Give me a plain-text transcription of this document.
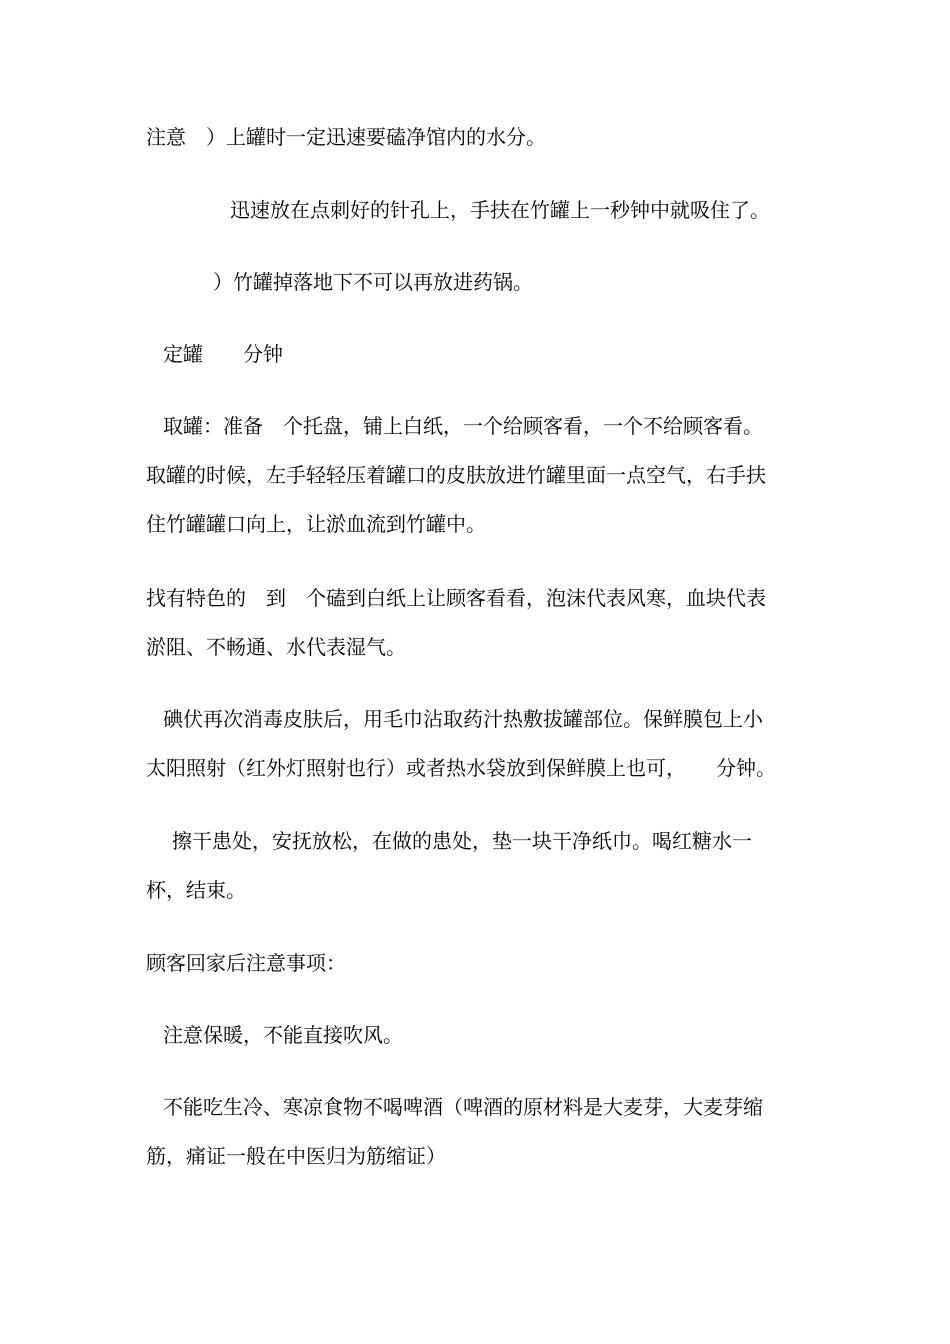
注意　）上罐时一定迅速要磕净馆内的水分。

迅速放在点刺好的针孔上，手扶在竹罐上一秒钟中就吸住了。

）竹罐掉落地下不可以再放进药锅。

定罐　　分钟

取罐：准备　个托盘，铺上白纸，一个给顾客看，一个不给顾客看。

取罐的时候，左手轻轻压着罐口的皮肤放进竹罐里面一点空气，右手扶

住竹罐罐口向上，让淤血流到竹罐中。

找有特色的　到　个磕到白纸上让顾客看看，泡沫代表风寒，血块代表

淤阻、不畅通、水代表湿气。

碘伏再次消毒皮肤后，用毛巾沾取药汁热敷拔罐部位。保鲜膜包上小

太阳照射（红外灯照射也行）或者热水袋放到保鲜膜上也可，　　分钟。

擦干患处，安抚放松，在做的患处，垫一块干净纸巾。喝红糖水一

杯，结束。

顾客回家后注意事项：

注意保暖，不能直接吹风。

不能吃生冷、寒凉食物不喝啤酒（啤酒的原材料是大麦芽，大麦芽缩

筋，痛证一般在中医归为筋缩证）
